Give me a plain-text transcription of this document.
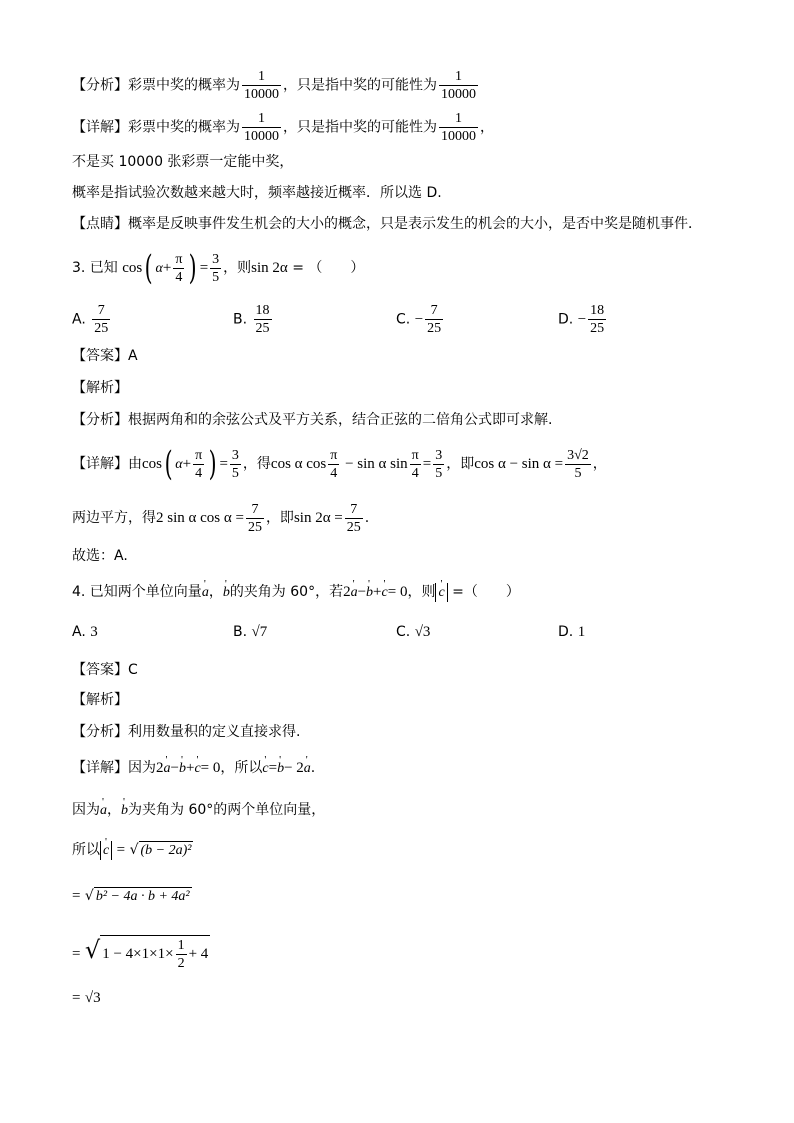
【分析】彩票中奖的概率为 $\frac{1}{10000}$ ，只是指中奖的可能性为 $\frac{1}{10000}$
【详解】彩票中奖的概率为 $\frac{1}{10000}$ ，只是指中奖的可能性为 $\frac{1}{10000}$ ，
不是买 10000 张彩票一定能中奖，
概率是指试验次数越来越大时，频率越接近概率．所以选 D.
【点睛】概率是反映事件发生机会的大小的概念，只是表示发生的机会的大小，是否中奖是随机事件．
3. 已知 cos( $\alpha+ \frac{\pi}{4}$ ) = $\frac{3}{5}$ ，则sin 2α = （　　）
A. $\frac{7}{25}$	B. $\frac{18}{25}$	C. − $\frac{7}{25}$	D. − $\frac{18}{25}$
【答案】A
【解析】
【分析】根据两角和的余弦公式及平方关系，结合正弦的二倍角公式即可求解.
【详解】由cos( $\alpha+ \frac{\pi}{4}$ ) = $\frac{3}{5}$ ，得cos α $\cos \frac{\pi}{4} - \sin \alpha$ $\sin \frac{\pi}{4} = \frac{3}{5}$ ，即$\cos \alpha - \sin \alpha = \frac{3√2}{5}$ ，
两边平方，得2 sin α $\cos \alpha = \frac{7}{25}$ ，即$\sin 2\alpha = \frac{7}{25}$ .
故选：A.
4. 已知两个单位向量' a，' b的夹角为 60°，若2' a−' b+' c= 0，则 ' c =（　　）
A. 3	B. √7	C. √3	D. 1
【答案】C
【解析】
【分析】利用数量积的定义直接求得.
【详解】因为2' a−' b+' c= 0，所以' c=' b− 2' a.
因为' a，' b为夹角为 60°的两个单位向量，
所以 ' c = √ (b − 2a)²
= √ b² − 4a · b + 4a²
= √ $1 - 4\times 1\times 1\times \frac{1}{2} + 4$
= √3
